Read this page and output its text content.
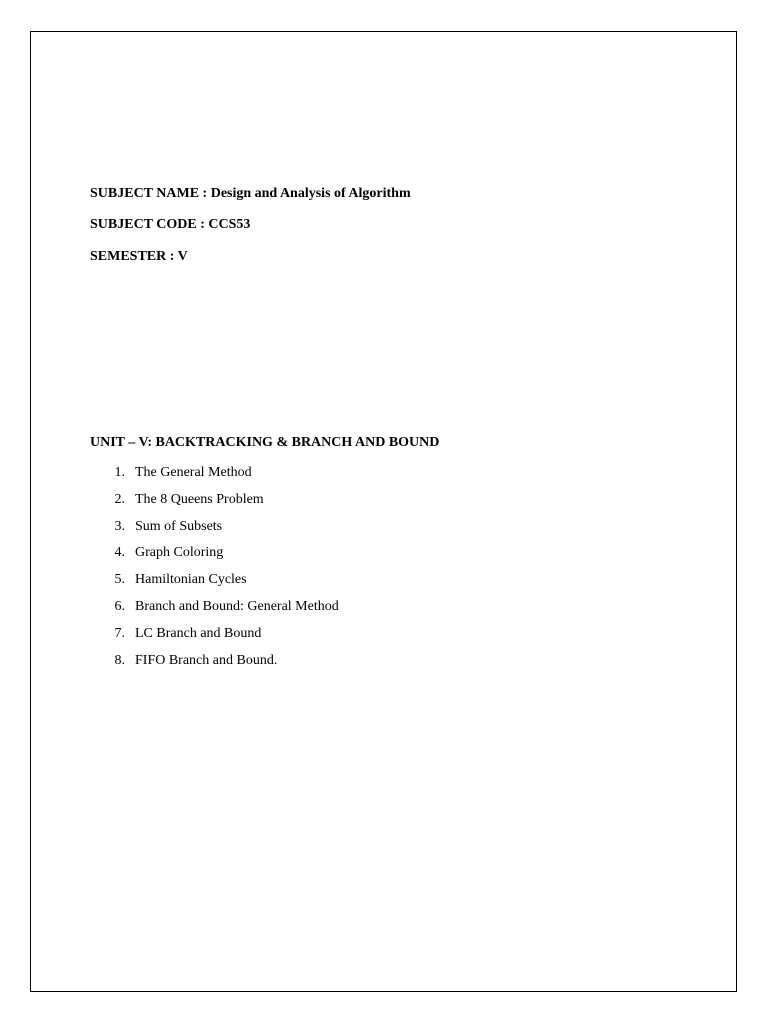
SUBJECT NAME : Design and Analysis of Algorithm
SUBJECT CODE : CCS53
SEMESTER : V
UNIT – V: BACKTRACKING & BRANCH AND BOUND
1. The General Method
2. The 8 Queens Problem
3. Sum of Subsets
4. Graph Coloring
5. Hamiltonian Cycles
6. Branch and Bound: General Method
7. LC Branch and Bound
8. FIFO Branch and Bound.
